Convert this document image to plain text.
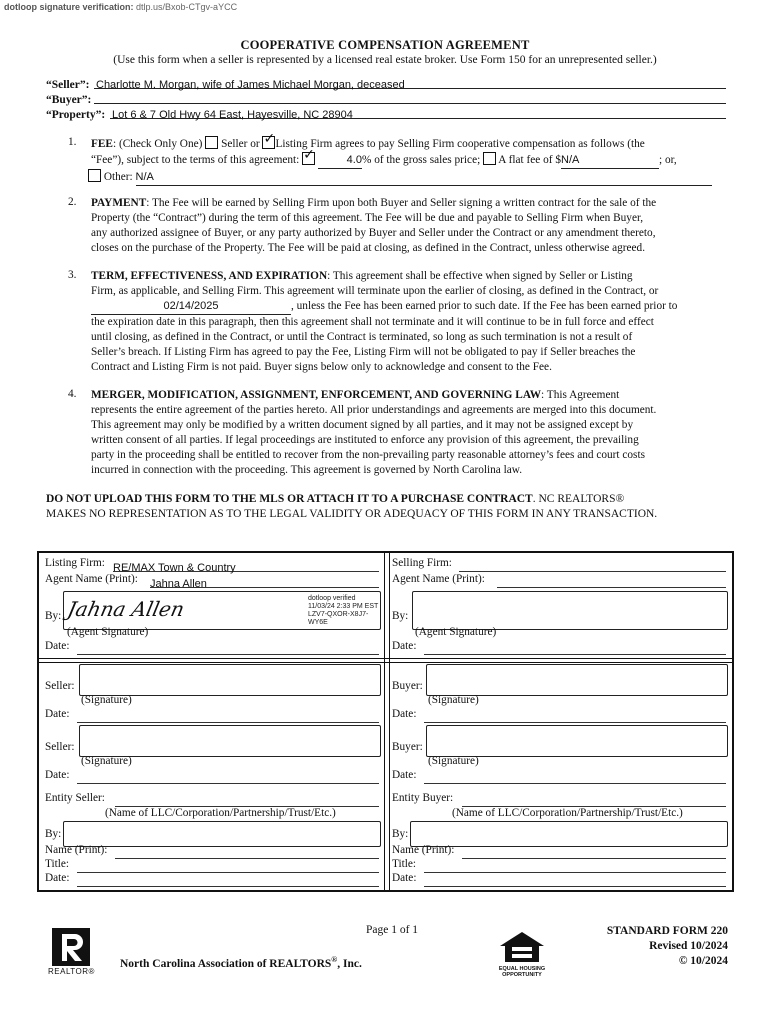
dotloop signature verification: dtlp.us/Bxob-CTgv-aYCC
COOPERATIVE COMPENSATION AGREEMENT
(Use this form when a seller is represented by a licensed real estate broker. Use Form 150 for an unrepresented seller.)
“Seller”: Charlotte M. Morgan, wife of James Michael Morgan, deceased
“Buyer”:
“Property”: Lot 6 & 7 Old Hwy 64 East, Hayesville, NC 28904
1. FEE: (Check Only One) Seller or ✓ Listing Firm agrees to pay Selling Firm cooperative compensation as follows (the
“Fee”), subject to the terms of this agreement: ✓	4.0% of the gross sales price; A flat fee of $N/A	; or,
Other: N/A
2. PAYMENT: The Fee will be earned by Selling Firm upon both Buyer and Seller signing a written contract for the sale of the
Property (the “Contract”) during the term of this agreement. The Fee will be due and payable to Selling Firm when Buyer,
any authorized assignee of Buyer, or any party authorized by Buyer and Seller under the Contract or any amendment thereto,
closes on the purchase of the Property. The Fee will be paid at closing, as defined in the Contract, unless otherwise agreed.
3. TERM, EFFECTIVENESS, AND EXPIRATION: This agreement shall be effective when signed by Seller or Listing
Firm, as applicable, and Selling Firm. This agreement will terminate upon the earlier of closing, as defined in the Contract, or
02/14/2025	, unless the Fee has been earned prior to such date. If the Fee has been earned prior to
the expiration date in this paragraph, then this agreement shall not terminate and it will continue to be in full force and effect
until closing, as defined in the Contract, or until the Contract is terminated, so long as such termination is not a result of
Seller’s breach. If Listing Firm has agreed to pay the Fee, Listing Firm will not be obligated to pay if Seller breaches the
Contract and Listing Firm is not paid. Buyer signs below only to acknowledge and consent to the Fee.
4. MERGER, MODIFICATION, ASSIGNMENT, ENFORCEMENT, AND GOVERNING LAW: This Agreement
represents the entire agreement of the parties hereto. All prior understandings and agreements are merged into this document.
This agreement may only be modified by a written document signed by all parties, and it may not be assigned except by
written consent of all parties. If legal proceedings are instituted to enforce any provision of this agreement, the prevailing
party in the proceeding shall be entitled to recover from the non-prevailing party reasonable attorney’s fees and court costs
incurred in connection with the proceeding. This agreement is governed by North Carolina law.
DO NOT UPLOAD THIS FORM TO THE MLS OR ATTACH IT TO A PURCHASE CONTRACT. NC REALTORS®
MAKES NO REPRESENTATION AS TO THE LEGAL VALIDITY OR ADEQUACY OF THIS FORM IN ANY TRANSACTION.
Listing Firm: RE/MAX Town & Country
Agent Name (Print): Jahna Allen
By: Jahna Allen	dotloop verified
11/03/24 2:33 PM EST
LZV7-QXOR-X8J7-WY6E
(Agent Signature)
Date:
Selling Firm:
Agent Name (Print):
By:
(Agent Signature)
Date:
Seller:
(Signature)
Date:
Seller:
(Signature)
Date:
Entity Seller:
(Name of LLC/Corporation/Partnership/Trust/Etc.)
By:
Name (Print):
Title:
Date:
Buyer:
(Signature)
Date:
Buyer:
(Signature)
Date:
Entity Buyer:
(Name of LLC/Corporation/Partnership/Trust/Etc.)
By:
Name (Print):
Title:
Date:
Page 1 of 1
REALTOR®
North Carolina Association of REALTORS®, Inc.	EQUAL HOUSING
OPPORTUNITY
STANDARD FORM 220
Revised 10/2024
© 10/2024
